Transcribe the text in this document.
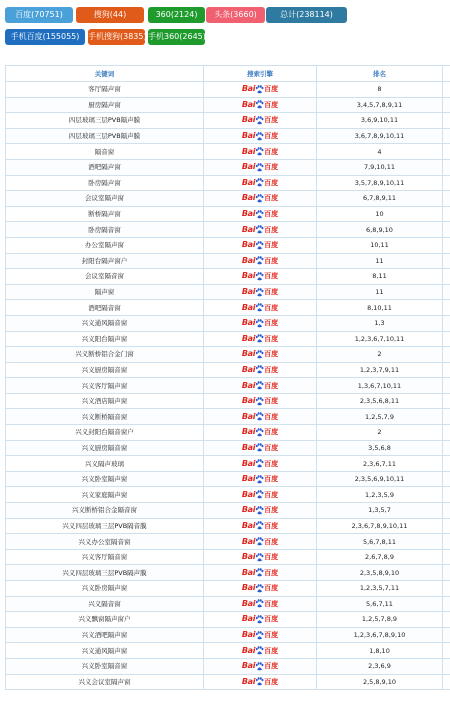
百度(70751)	搜狗(44)	360(2124)	头条(3660)	总计(238114)
手机百度(155055)	手机搜狗(3835) 手机360(2645)
关键词	搜索引擎	排名	
客厅隔声窗	Bai 百度	8	
厨房隔声窗	Bai 百度	3,4,5,7,8,9,11	
四层玻璃三层PVB隔声膜	Bai 百度	3,6,9,10,11	
四层玻璃三层PVB隔声膜	Bai 百度	3,6,7,8,9,10,11	
隔音窗	Bai 百度	4	
酒吧隔声窗	Bai 百度	7,9,10,11	
卧房隔声窗	Bai 百度	3,5,7,8,9,10,11	
会议室隔声窗	Bai 百度	6,7,8,9,11	
断桥隔声窗	Bai 百度	10	
卧房隔音窗	Bai 百度	6,8,9,10	
办公室隔声窗	Bai 百度	10,11	
封阳台隔声窗户	Bai 百度	11	
会议室隔音窗	Bai 百度	8,11	
隔声窗	Bai 百度	11	
酒吧隔音窗	Bai 百度	8,10,11	
兴义通风隔音窗	Bai 百度	1,3	
兴义阳台隔声窗	Bai 百度	1,2,3,6,7,10,11	
兴义断桥铝合金门窗	Bai 百度	2	
兴义厨房隔音窗	Bai 百度	1,2,3,7,9,11	
兴义客厅隔声窗	Bai 百度	1,3,6,7,10,11	
兴义酒店隔声窗	Bai 百度	2,3,5,6,8,11	
兴义断桥隔音窗	Bai 百度	1,2,5,7,9	
兴义封阳台隔音窗户	Bai 百度	2	
兴义厨房隔音窗	Bai 百度	3,5,6,8	
兴义隔声玻璃	Bai 百度	2,3,6,7,11	
兴义卧室隔声窗	Bai 百度	2,3,5,6,9,10,11	
兴义家庭隔声窗	Bai 百度	1,2,3,5,9	
兴义断桥铝合金隔音窗	Bai 百度	1,3,5,7	
兴义四层玻璃三层PVB隔音膜	Bai 百度	2,3,6,7,8,9,10,11	
兴义办公室隔音窗	Bai 百度	5,6,7,8,11	
兴义客厅隔音窗	Bai 百度	2,6,7,8,9	
兴义四层玻璃三层PVB隔声膜	Bai 百度	2,3,5,8,9,10	
兴义卧房隔声窗	Bai 百度	1,2,3,5,7,11	
兴义隔音窗	Bai 百度	5,6,7,11	
兴义飘窗隔声窗户	Bai 百度	1,2,5,7,8,9	
兴义酒吧隔声窗	Bai 百度	1,2,3,6,7,8,9,10	
兴义通风隔声窗	Bai 百度	1,8,10	
兴义卧室隔音窗	Bai 百度	2,3,6,9	
兴义会议室隔声窗	Bai 百度	2,5,8,9,10	
